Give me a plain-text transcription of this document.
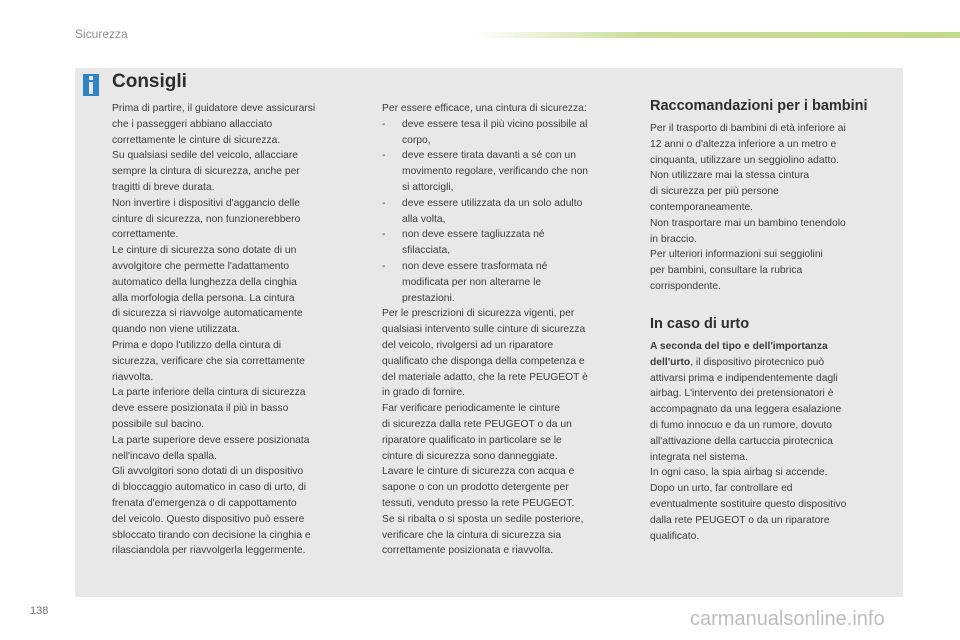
Sicurezza
Consigli

Prima di partire, il guidatore deve assicurarsi

che i passeggeri abbiano allacciato

correttamente le cinture di sicurezza.

Su qualsiasi sedile del veicolo, allacciare

sempre la cintura di sicurezza, anche per

tragitti di breve durata.

Non invertire i dispositivi d'aggancio delle

cinture di sicurezza, non funzionerebbero

correttamente.

Le cinture di sicurezza sono dotate di un

avvolgitore che permette l'adattamento

automatico della lunghezza della cinghia

alla morfologia della persona. La cintura

di sicurezza si riavvolge automaticamente

quando non viene utilizzata.

Prima e dopo l'utilizzo della cintura di

sicurezza, verificare che sia correttamente

riavvolta.

La parte inferiore della cintura di sicurezza

deve essere posizionata il più in basso

possibile sul bacino.

La parte superiore deve essere posizionata

nell'incavo della spalla.

Gli avvolgitori sono dotati di un dispositivo

di bloccaggio automatico in caso di urto, di

frenata d'emergenza o di cappottamento

del veicolo. Questo dispositivo può essere

sbloccato tirando con decisione la cinghia e

rilasciandola per riavvolgerla leggermente.

Per essere efficace, una cintura di sicurezza:

-	deve essere tesa il più vicino possibile al
corpo,
-	deve essere tirata davanti a sé con un
movimento regolare, verificando che non
si attorcigli,
-	deve essere utilizzata da un solo adulto
alla volta,
-	non deve essere tagliuzzata né
sfilacciata,
-	non deve essere trasformata né
modificata per non alterarne le
prestazioni.

Per le prescrizioni di sicurezza vigenti, per

qualsiasi intervento sulle cinture di sicurezza

del veicolo, rivolgersi ad un riparatore

qualificato che disponga della competenza e

del materiale adatto, che la rete PEUGEOT è

in grado di fornire.

Far verificare periodicamente le cinture

di sicurezza dalla rete PEUGEOT o da un

riparatore qualificato in particolare se le

cinture di sicurezza sono danneggiate.

Lavare le cinture di sicurezza con acqua e

sapone o con un prodotto detergente per

tessuti, venduto presso la rete PEUGEOT.

Se si ribalta o si sposta un sedile posteriore,

verificare che la cintura di sicurezza sia

correttamente posizionata e riavvolta.

Raccomandazioni per i bambini

Per il trasporto di bambini di età inferiore ai

12 anni o d'altezza inferiore a un metro e

cinquanta, utilizzare un seggiolino adatto.

Non utilizzare mai la stessa cintura

di sicurezza per più persone

contemporaneamente.

Non trasportare mai un bambino tenendolo

in braccio.

Per ulteriori informazioni sui seggiolini

per bambini, consultare la rubrica

corrispondente.

In caso di urto

A seconda del tipo e dell'importanza

dell'urto, il dispositivo pirotecnico può

attivarsi prima e indipendentemente dagli

airbag. L'intervento dei pretensionatori è

accompagnato da una leggera esalazione

di fumo innocuo e da un rumore, dovuto

all'attivazione della cartuccia pirotecnica

integrata nel sistema.

In ogni caso, la spia airbag si accende.

Dopo un urto, far controllare ed

eventualmente sostituire questo dispositivo

dalla rete PEUGEOT o da un riparatore

qualificato.

138	carmanualsonline.info
